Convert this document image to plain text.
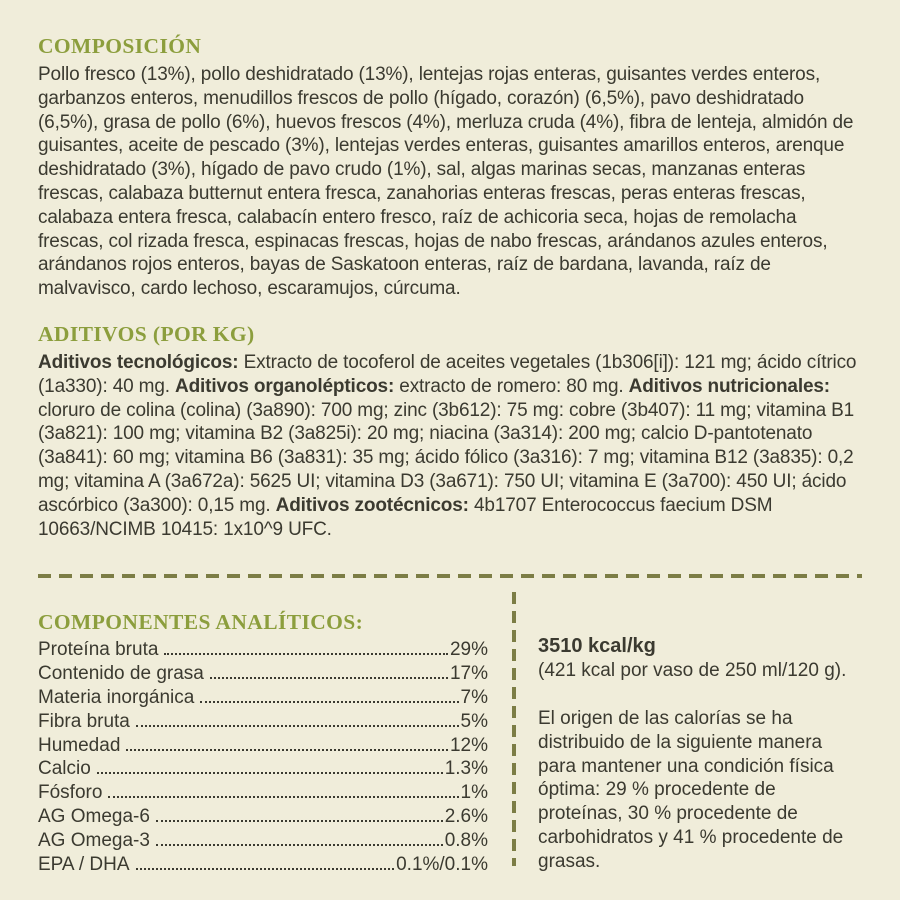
COMPOSICIÓN

Pollo fresco (13%), pollo deshidratado (13%), lentejas rojas enteras, guisantes verdes enteros, garbanzos enteros, menudillos frescos de pollo (hígado, corazón) (6,5%), pavo deshidratado (6,5%), grasa de pollo (6%), huevos frescos (4%), merluza cruda (4%), fibra de lenteja, almidón de guisantes, aceite de pescado (3%), lentejas verdes enteras, guisantes amarillos enteros, arenque deshidratado (3%), hígado de pavo crudo (1%), sal, algas marinas secas, manzanas enteras frescas, calabaza butternut entera fresca, zanahorias enteras frescas, peras enteras frescas, calabaza entera fresca, calabacín entero fresco, raíz de achicoria seca, hojas de remolacha frescas, col rizada fresca, espinacas frescas, hojas de nabo frescas, arándanos azules enteros, arándanos rojos enteros, bayas de Saskatoon enteras, raíz de bardana, lavanda, raíz de malvavisco, cardo lechoso, escaramujos, cúrcuma.

ADITIVOS (POR KG)

Aditivos tecnológicos: Extracto de tocoferol de aceites vegetales (1b306[i]): 121 mg; ácido cítrico (1a330): 40 mg. Aditivos organolépticos: extracto de romero: 80 mg. Aditivos nutricionales: cloruro de colina (colina) (3a890): 700 mg; zinc (3b612): 75 mg: cobre (3b407): 11 mg; vitamina B1 (3a821): 100 mg; vitamina B2 (3a825i): 20 mg; niacina (3a314): 200 mg; calcio D-pantotenato (3a841): 60 mg; vitamina B6 (3a831): 35 mg; ácido fólico (3a316): 7 mg; vitamina B12 (3a835): 0,2 mg; vitamina A (3a672a): 5625 UI; vitamina D3 (3a671): 750 UI; vitamina E (3a700): 450 UI; ácido ascórbico (3a300): 0,15 mg. Aditivos zootécnicos: 4b1707 Enterococcus faecium DSM 10663/NCIMB 10415: 1x10^9 UFC.

COMPONENTES ANALÍTICOS:
Proteína bruta	29%
Contenido de grasa	17%
Materia inorgánica	7%
Fibra bruta	5%
Humedad	12%
Calcio	1.3%
Fósforo	1%
AG Omega-6	2.6%
AG Omega-3	0.8%
EPA / DHA	0.1%/0.1%
3510 kcal/kg
(421 kcal por vaso de 250 ml/120 g).

El origen de las calorías se ha distribuido de la siguiente manera para mantener una condición física óptima: 29 % procedente de proteínas, 30 % procedente de carbohidratos y 41 % procedente de grasas.
